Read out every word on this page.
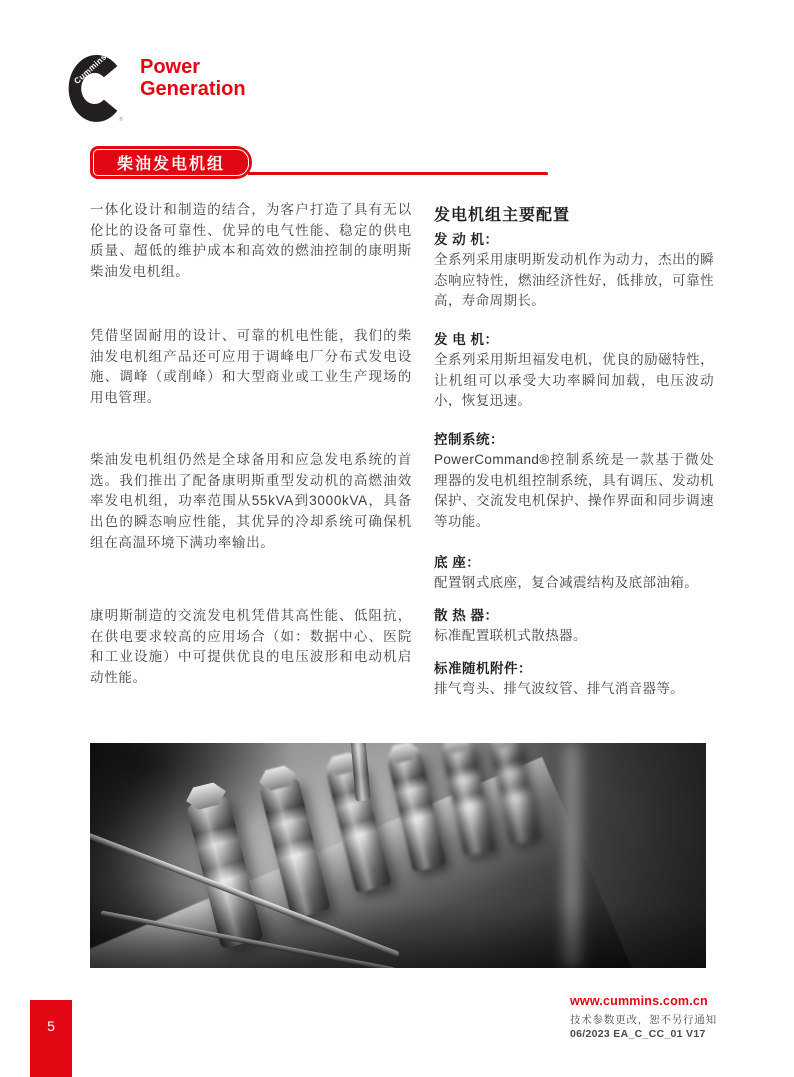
Cummins
®
Power
Generation
柴油发电机组

一体化设计和制造的结合，为客户打造了具有无以伦比的设备可靠性、优异的电气性能、稳定的供电质量、超低的维护成本和高效的燃油控制的康明斯柴油发电机组。

凭借坚固耐用的设计、可靠的机电性能，我们的柴油发电机组产品还可应用于调峰电厂分布式发电设施、调峰（或削峰）和大型商业或工业生产现场的用电管理。

柴油发电机组仍然是全球备用和应急发电系统的首选。我们推出了配备康明斯重型发动机的高燃油效率发电机组，功率范围从55kVA到3000kVA，具备出色的瞬态响应性能，其优异的冷却系统可确保机组在高温环境下满功率输出。

康明斯制造的交流发电机凭借其高性能、低阻抗，在供电要求较高的应用场合（如：数据中心、医院和工业设施）中可提供优良的电压波形和电动机启动性能。

发电机组主要配置
发 动 机：
全系列采用康明斯发动机作为动力，杰出的瞬态响应特性，燃油经济性好，低排放，可靠性高，寿命周期长。
发 电 机：
全系列采用斯坦福发电机，优良的励磁特性，让机组可以承受大功率瞬间加载，电压波动小，恢复迅速。
控制系统：
PowerCommand®控制系统是一款基于微处理器的发电机组控制系统，具有调压、发动机保护、交流发电机保护、操作界面和同步调速等功能。
底 座：
配置钢式底座，复合减震结构及底部油箱。
散 热 器：
标准配置联机式散热器。
标准随机附件：
排气弯头、排气波纹管、排气消音器等。
www.cummins.com.cn
技术参数更改，恕不另行通知
06/2023 EA_C_CC_01 V17
5
